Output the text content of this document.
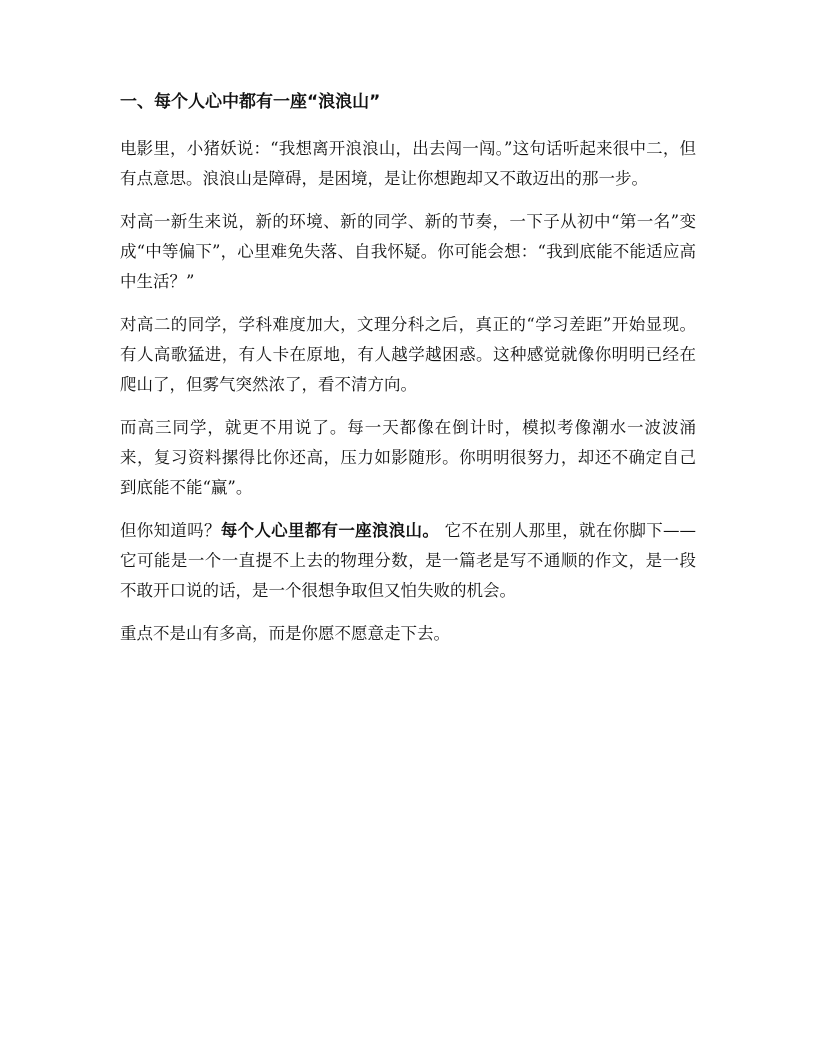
一、每个人心中都有一座“浪浪山”

电影里，小猪妖说：“我想离开浪浪山，出去闯一闯。”这句话听起来很中二，但有点意思。浪浪山是障碍，是困境，是让你想跑却又不敢迈出的那一步。

对高一新生来说，新的环境、新的同学、新的节奏，一下子从初中“第一名”变成“中等偏下”，心里难免失落、自我怀疑。你可能会想：“我到底能不能适应高中生活？”

对高二的同学，学科难度加大，文理分科之后，真正的“学习差距”开始显现。有人高歌猛进，有人卡在原地，有人越学越困惑。这种感觉就像你明明已经在爬山了，但雾气突然浓了，看不清方向。

而高三同学，就更不用说了。每一天都像在倒计时，模拟考像潮水一波波涌来，复习资料摞得比你还高，压力如影随形。你明明很努力，却还不确定自己到底能不能“赢”。

但你知道吗？每个人心里都有一座浪浪山。 它不在别人那里，就在你脚下——它可能是一个一直提不上去的物理分数，是一篇老是写不通顺的作文，是一段不敢开口说的话，是一个很想争取但又怕失败的机会。

重点不是山有多高，而是你愿不愿意走下去。
